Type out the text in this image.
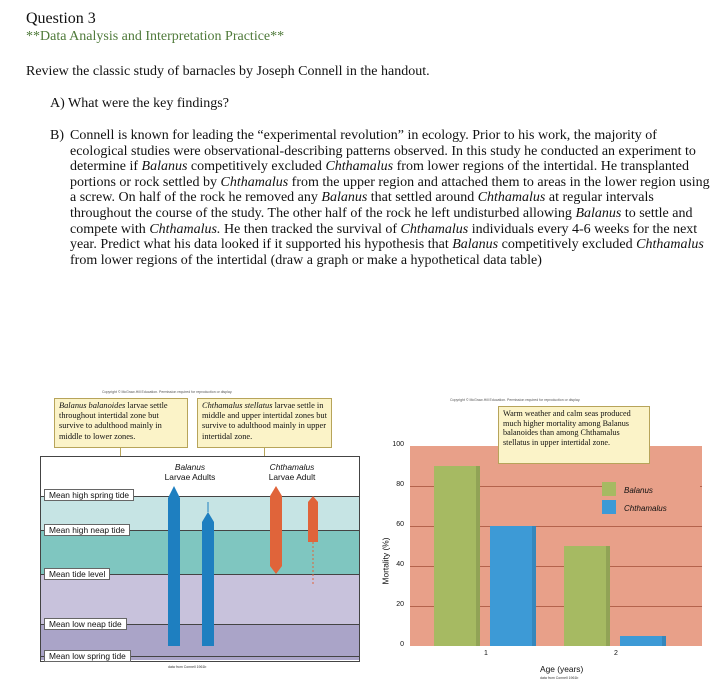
Question 3
**Data Analysis and Interpretation Practice**
Review the classic study of barnacles by Joseph Connell in the handout.
A) What were the key findings?
B) Connell is known for leading the “experimental revolution” in ecology. Prior to his work, the majority of ecological studies were observational-describing patterns observed. In this study he conducted an experiment to determine if Balanus competitively excluded Chthamalus from lower regions of the intertidal. He transplanted portions or rock settled by Chthamalus from the upper region and attached them to areas in the lower region using a screw. On half of the rock he removed any Balanus that settled around Chthamalus at regular intervals throughout the course of the study. The other half of the rock he left undisturbed allowing Balanus to settle and compete with Chthamalus. He then tracked the survival of Chthamalus individuals every 4-6 weeks for the next year. Predict what his data looked if it supported his hypothesis that Balanus competitively excluded Chthamalus from lower regions of the intertidal (draw a graph or make a hypothetical data table)
Copyright © McGraw-Hill Education. Permission required for reproduction or display.
Balanus balanoides larvae settle throughout intertidal zone but survive to adulthood mainly in middle to lower zones.
Chthamalus stellatus larvae settle in middle and upper intertidal zones but survive to adulthood mainly in upper intertidal zone.
Balanus
Larvae Adults
Chthamalus
Larvae Adult
Mean high spring tide
Mean high neap tide
Mean tide level
Mean low neap tide
Mean low spring tide
data from Connell 1961b
Copyright © McGraw-Hill Education. Permission required for reproduction or display.
0
20
40
60
80
100
Mortality (%)
Warm weather and calm seas produced much higher mortality among Balanus balanoides than among Chthamalus stellatus in upper intertidal zone.
Balanus
Chthamalus
1	2
Age (years)
data from Connell 1961b
